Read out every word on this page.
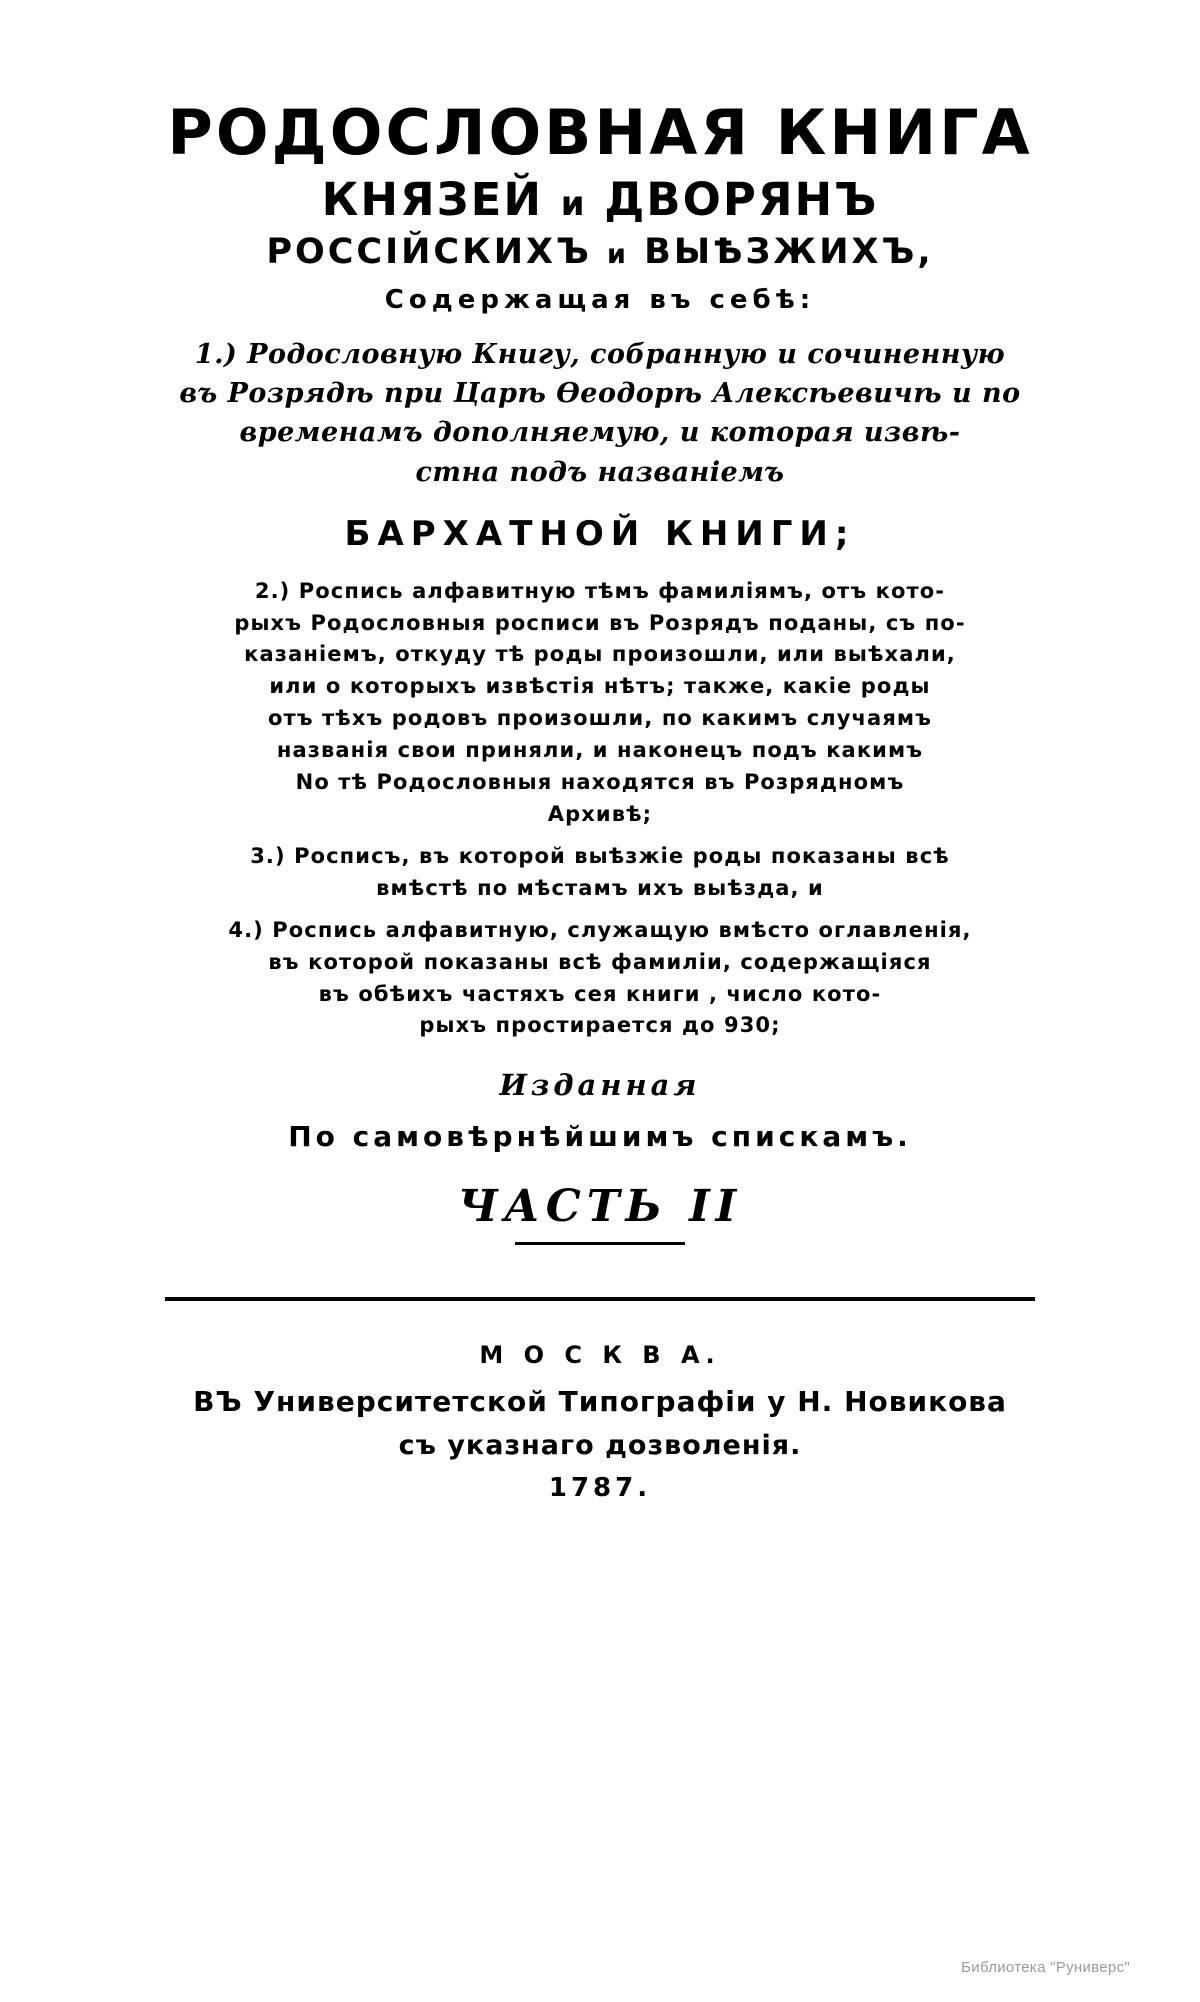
РОДОСЛОВНАЯ КНИГА
КНЯЗЕЙ и ДВОРЯНЪ
РОССІЙСКИХЪ и ВЫѢЗЖИХЪ,
Содержащая въ себѣ:
1.) Родословную Книгу, собранную и сочиненную
въ Розрядѣ при Царѣ Ѳеодорѣ Алексѣевичѣ и по
временамъ дополняемую, и которая извѣ-
стна подъ названіемъ
БАРХАТНОЙ КНИГИ;
2.) Роспись алфавитную тѣмъ фамиліямъ, отъ кото-
рыхъ Родословныя росписи въ Розрядъ поданы, съ по-
казаніемъ, откуду тѣ роды произошли, или выѣхали,
или о которыхъ извѣстія нѣтъ; также, какіе роды
отъ тѣхъ родовъ произошли, по какимъ случаямъ
названія свои приняли, и наконецъ подъ какимъ
No тѣ Родословныя находятся въ Розрядномъ
Архивѣ;
3.) Росписъ, въ которой выѣзжіе роды показаны всѣ
вмѣстѣ по мѣстамъ ихъ выѣзда, и
4.) Роспись алфавитную, служащую вмѣсто оглавленія,
въ которой показаны всѣ фамиліи, содержащіяся
въ обѣихъ частяхъ сея книги , число кото-
рыхъ простирается до 930;
Изданная
По самовѣрнѣйшимъ спискамъ.
ЧАСТЬ II
М О С К В А.
ВЪ Университетской Типографіи у Н. Новикова
съ указнаго дозволенія.
1787.
Библиотека "Руниверс"
